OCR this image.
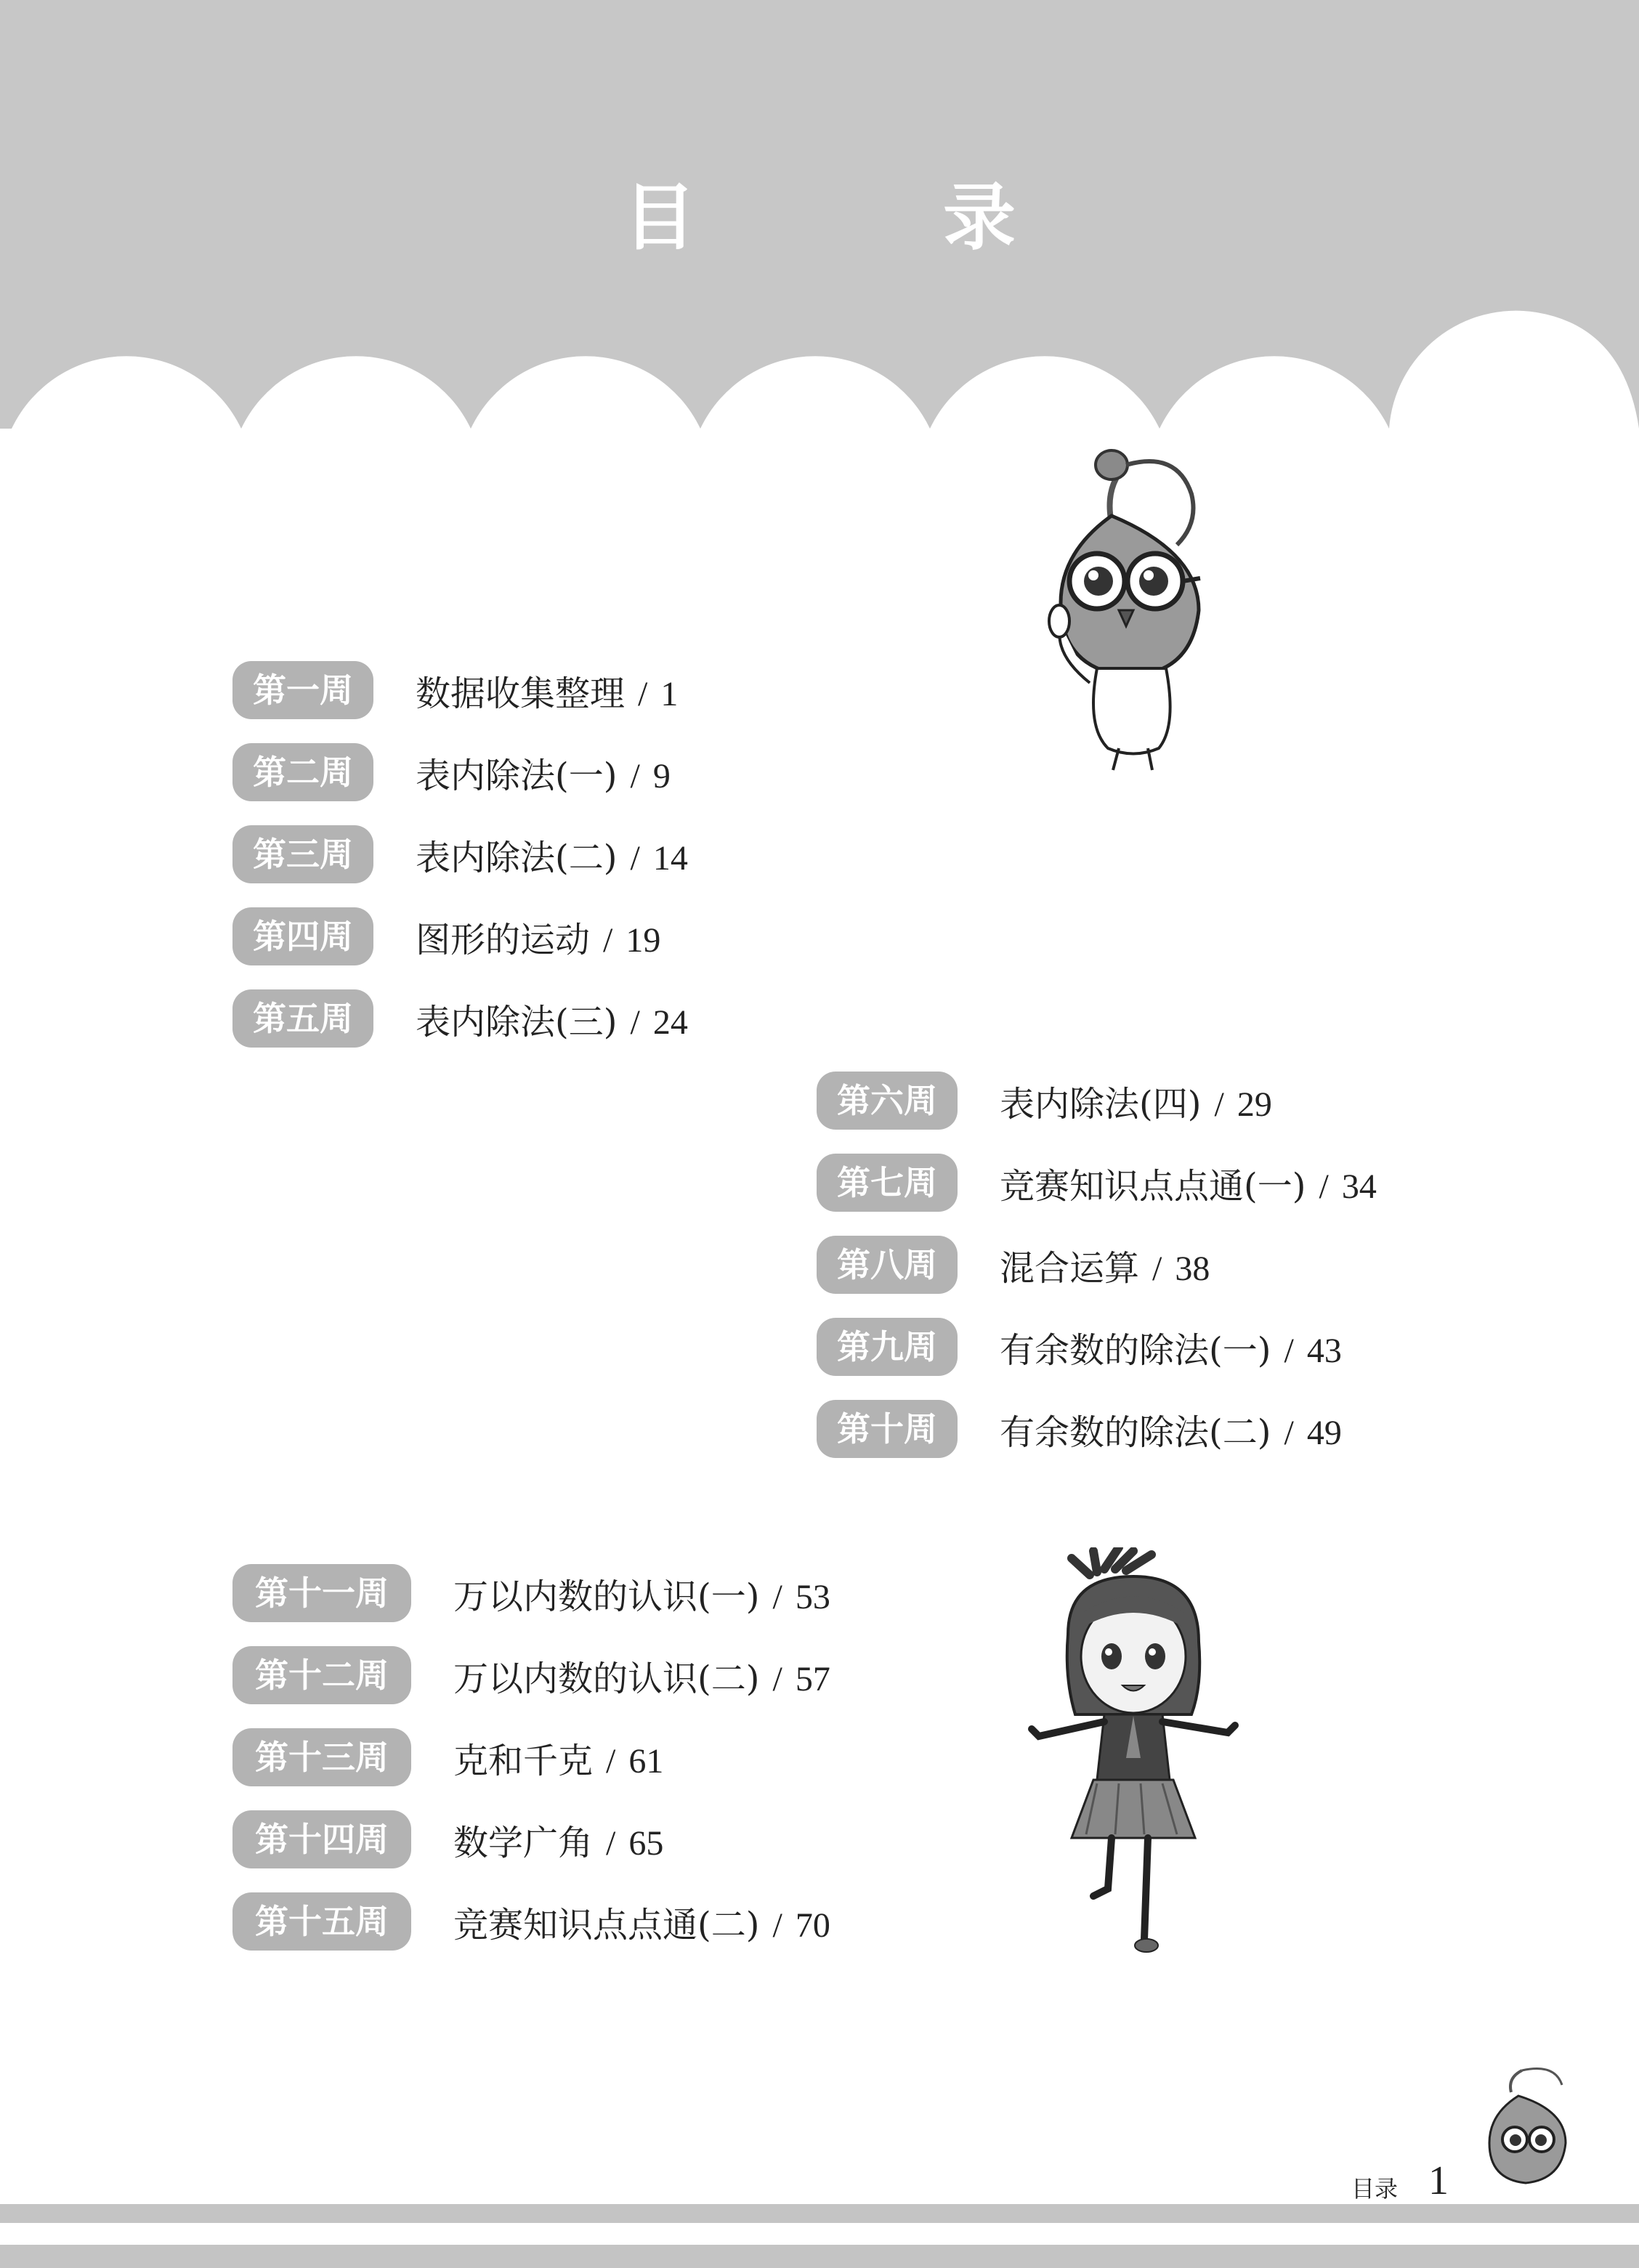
目　录
第一周	数据收集整理 / 1
第二周	表内除法(一) / 9
第三周	表内除法(二) / 14
第四周	图形的运动 / 19
第五周	表内除法(三) / 24
第六周	表内除法(四) / 29
第七周	竞赛知识点点通(一) / 34
第八周	混合运算 / 38
第九周	有余数的除法(一) / 43
第十周	有余数的除法(二) / 49
第十一周	万以内数的认识(一) / 53
第十二周	万以内数的认识(二) / 57
第十三周	克和千克 / 61
第十四周	数学广角 / 65
第十五周	竞赛知识点点通(二) / 70
目录 1
